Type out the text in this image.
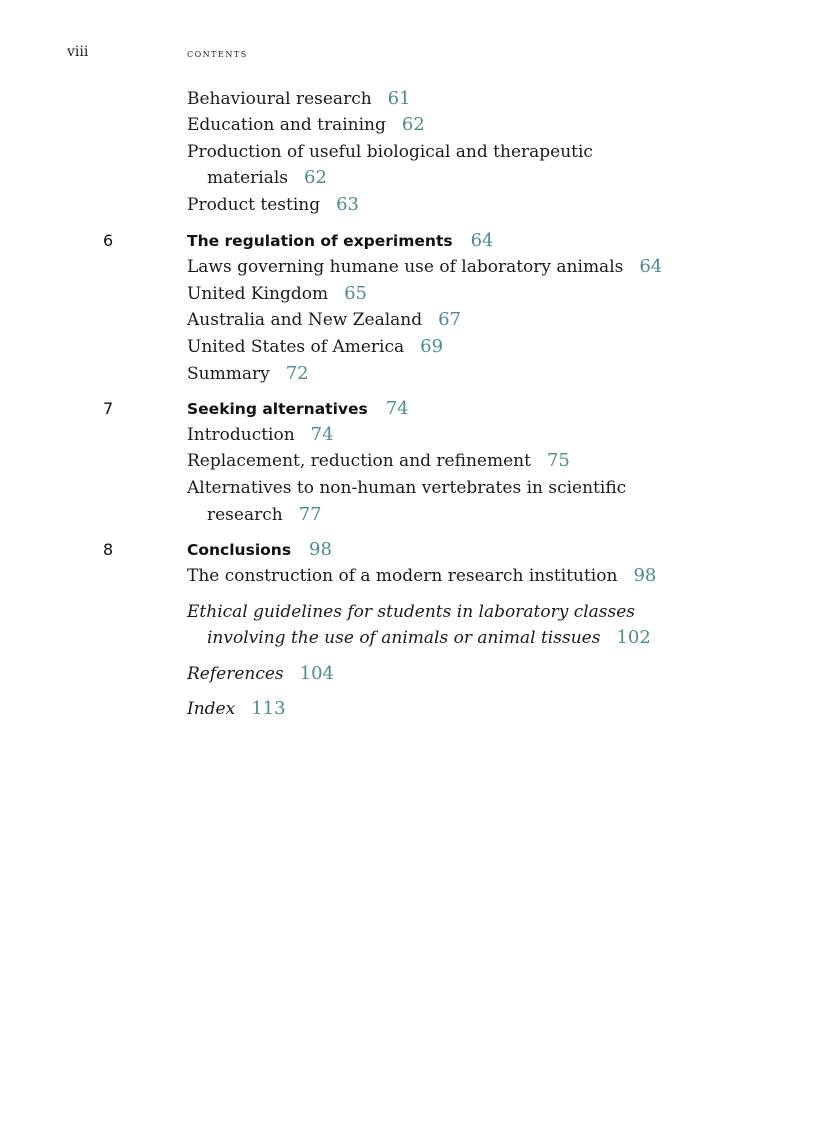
viii	contents
Behavioural research 61
Education and training 62
Production of useful biological and therapeutic
materials 62
Product testing 63
6	The regulation of experiments 64
Laws governing humane use of laboratory animals 64
United Kingdom 65
Australia and New Zealand 67
United States of America 69
Summary 72
7	Seeking alternatives 74
Introduction 74
Replacement, reduction and refinement 75
Alternatives to non-human vertebrates in scientific
research 77
8	Conclusions 98
The construction of a modern research institution 98
Ethical guidelines for students in laboratory classes
involving the use of animals or animal tissues 102
References 104
Index 113
